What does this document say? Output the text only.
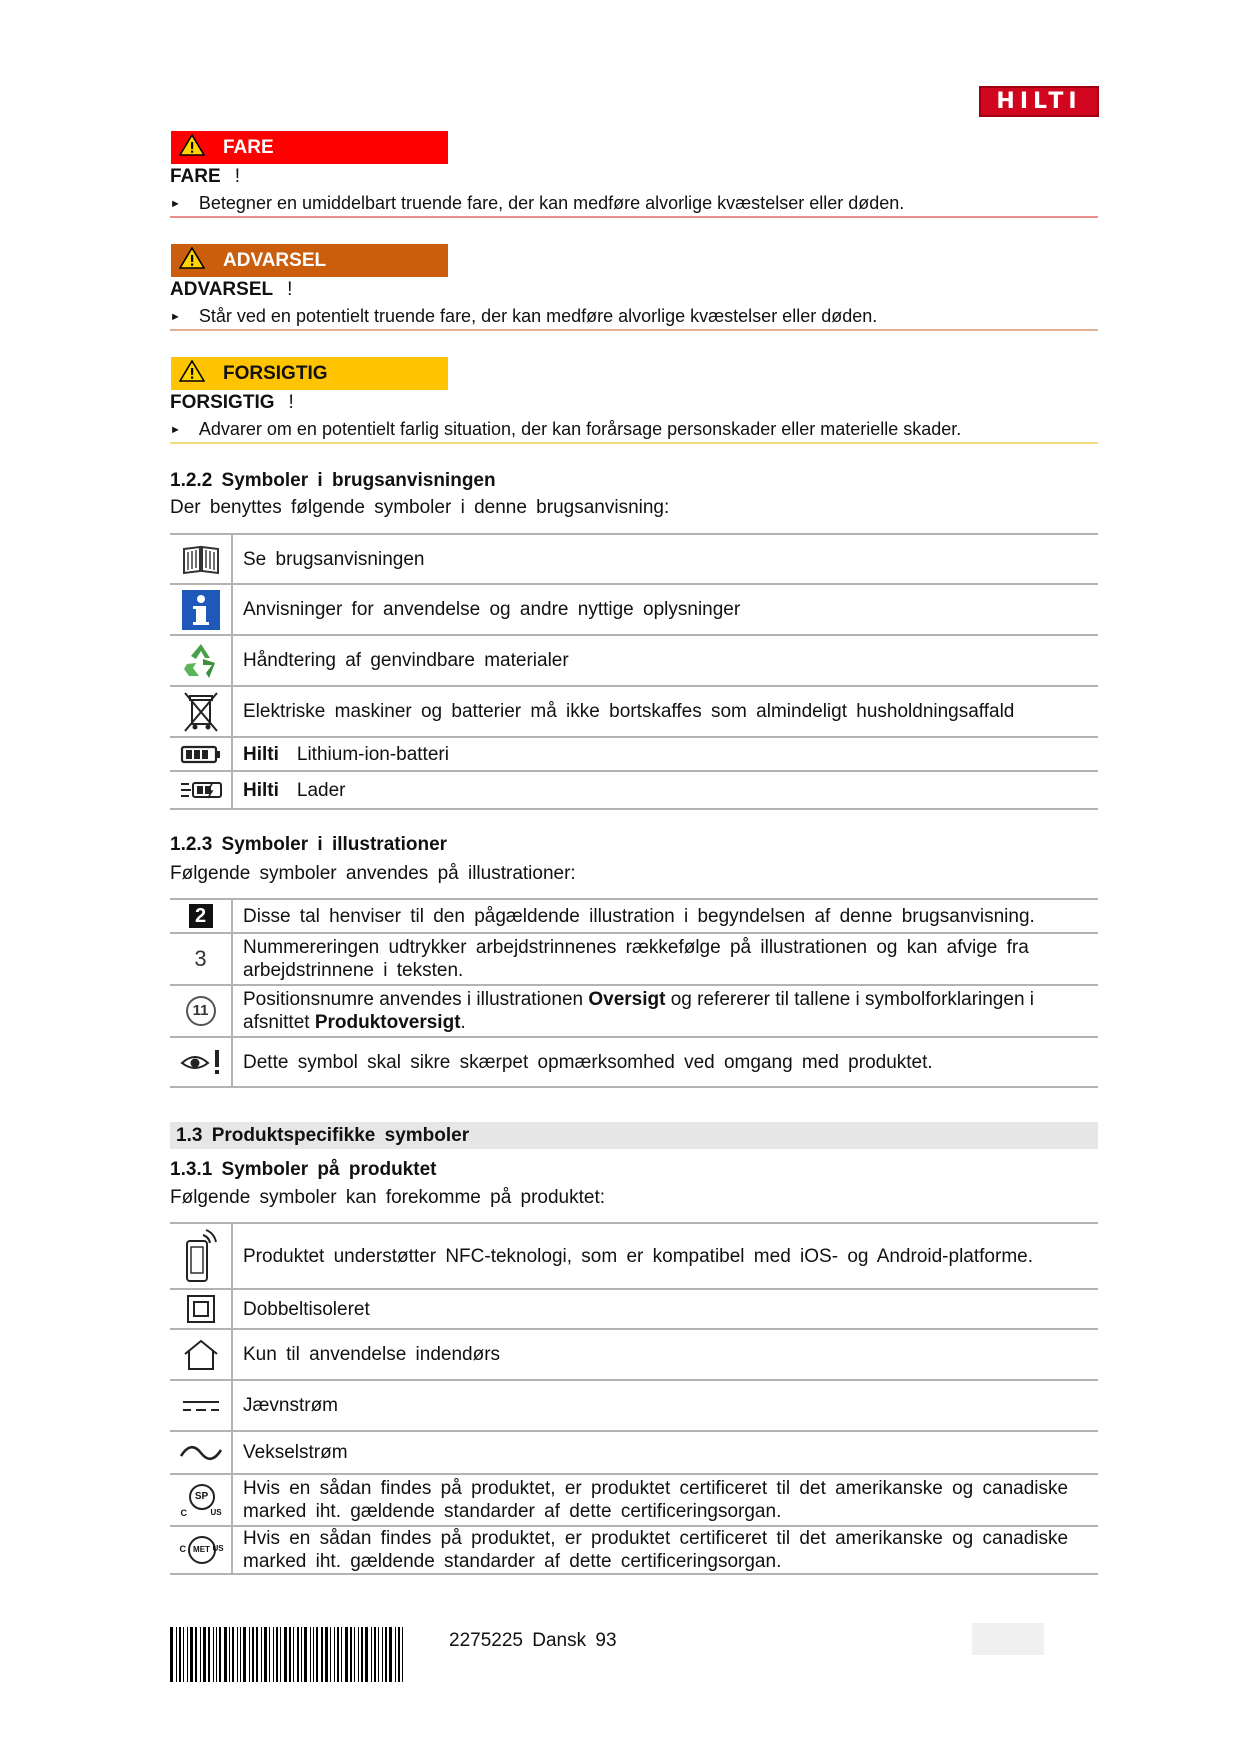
HILTI
FARE
FARE !
► Betegner en umiddelbart truende fare, der kan medføre alvorlige kvæstelser eller døden.
ADVARSEL
ADVARSEL !
► Står ved en potentielt truende fare, der kan medføre alvorlige kvæstelser eller døden.
FORSIGTIG
FORSIGTIG !
► Advarer om en potentielt farlig situation, der kan forårsage personskader eller materielle skader.
1.2.2 Symboler i brugsanvisningen
Der benyttes følgende symboler i denne brugsanvisning:
	Se brugsanvisningen

	Anvisninger for anvendelse og andre nyttige oplysninger

	Håndtering af genvindbare materialer

	Elektriske maskiner og batterier må ikke bortskaffes som almindeligt husholdningsaffald

	Hilti Lithium-ion-batteri

	Hilti Lader
1.2.3 Symboler i illustrationer
Følgende symboler anvendes på illustrationer:
2	Disse tal henviser til den pågældende illustration i begyndelsen af denne brugsanvisning.

3	Nummereringen udtrykker arbejdstrinnenes rækkefølge på illustrationen og kan afvige fra arbejdstrinnene i teksten.

11	Positionsnumre anvendes i illustrationen Oversigt og refererer til tallene i symbolforklaringen i afsnittet Produktoversigt.

	Dette symbol skal sikre skærpet opmærksomhed ved omgang med produktet.
1.3 Produktspecifikke symboler
1.3.1 Symboler på produktet
Følgende symboler kan forekomme på produktet:
	Produktet understøtter NFC-teknologi, som er kompatibel med iOS- og Android-platforme.

	Dobbeltisoleret

	Kun til anvendelse indendørs

	Jævnstrøm

	Vekselstrøm

SP
C US	Hvis en sådan findes på produktet, er produktet certificeret til det amerikanske og canadiske marked iht. gældende standarder af dette certificeringsorgan.

MET
C US	Hvis en sådan findes på produktet, er produktet certificeret til det amerikanske og canadiske marked iht. gældende standarder af dette certificeringsorgan.
2275225 Dansk 93
